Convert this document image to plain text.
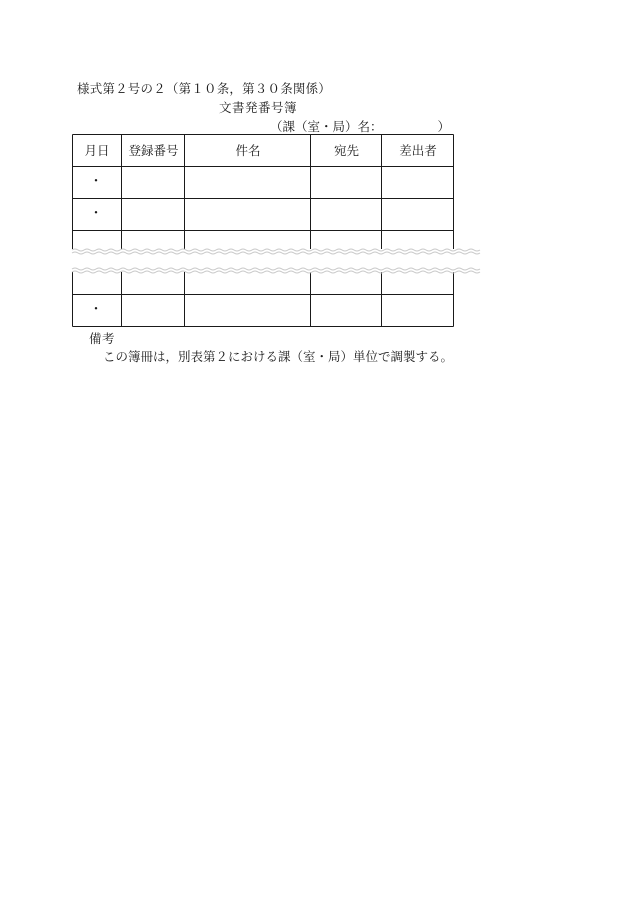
様式第２号の２（第１０条，第３０条関係）
文書発番号簿
（課（室・局）名：	）
月日	登録番号	件名	宛先	差出者
・
・
・
備考
この簿冊は，別表第２における課（室・局）単位で調製する。
